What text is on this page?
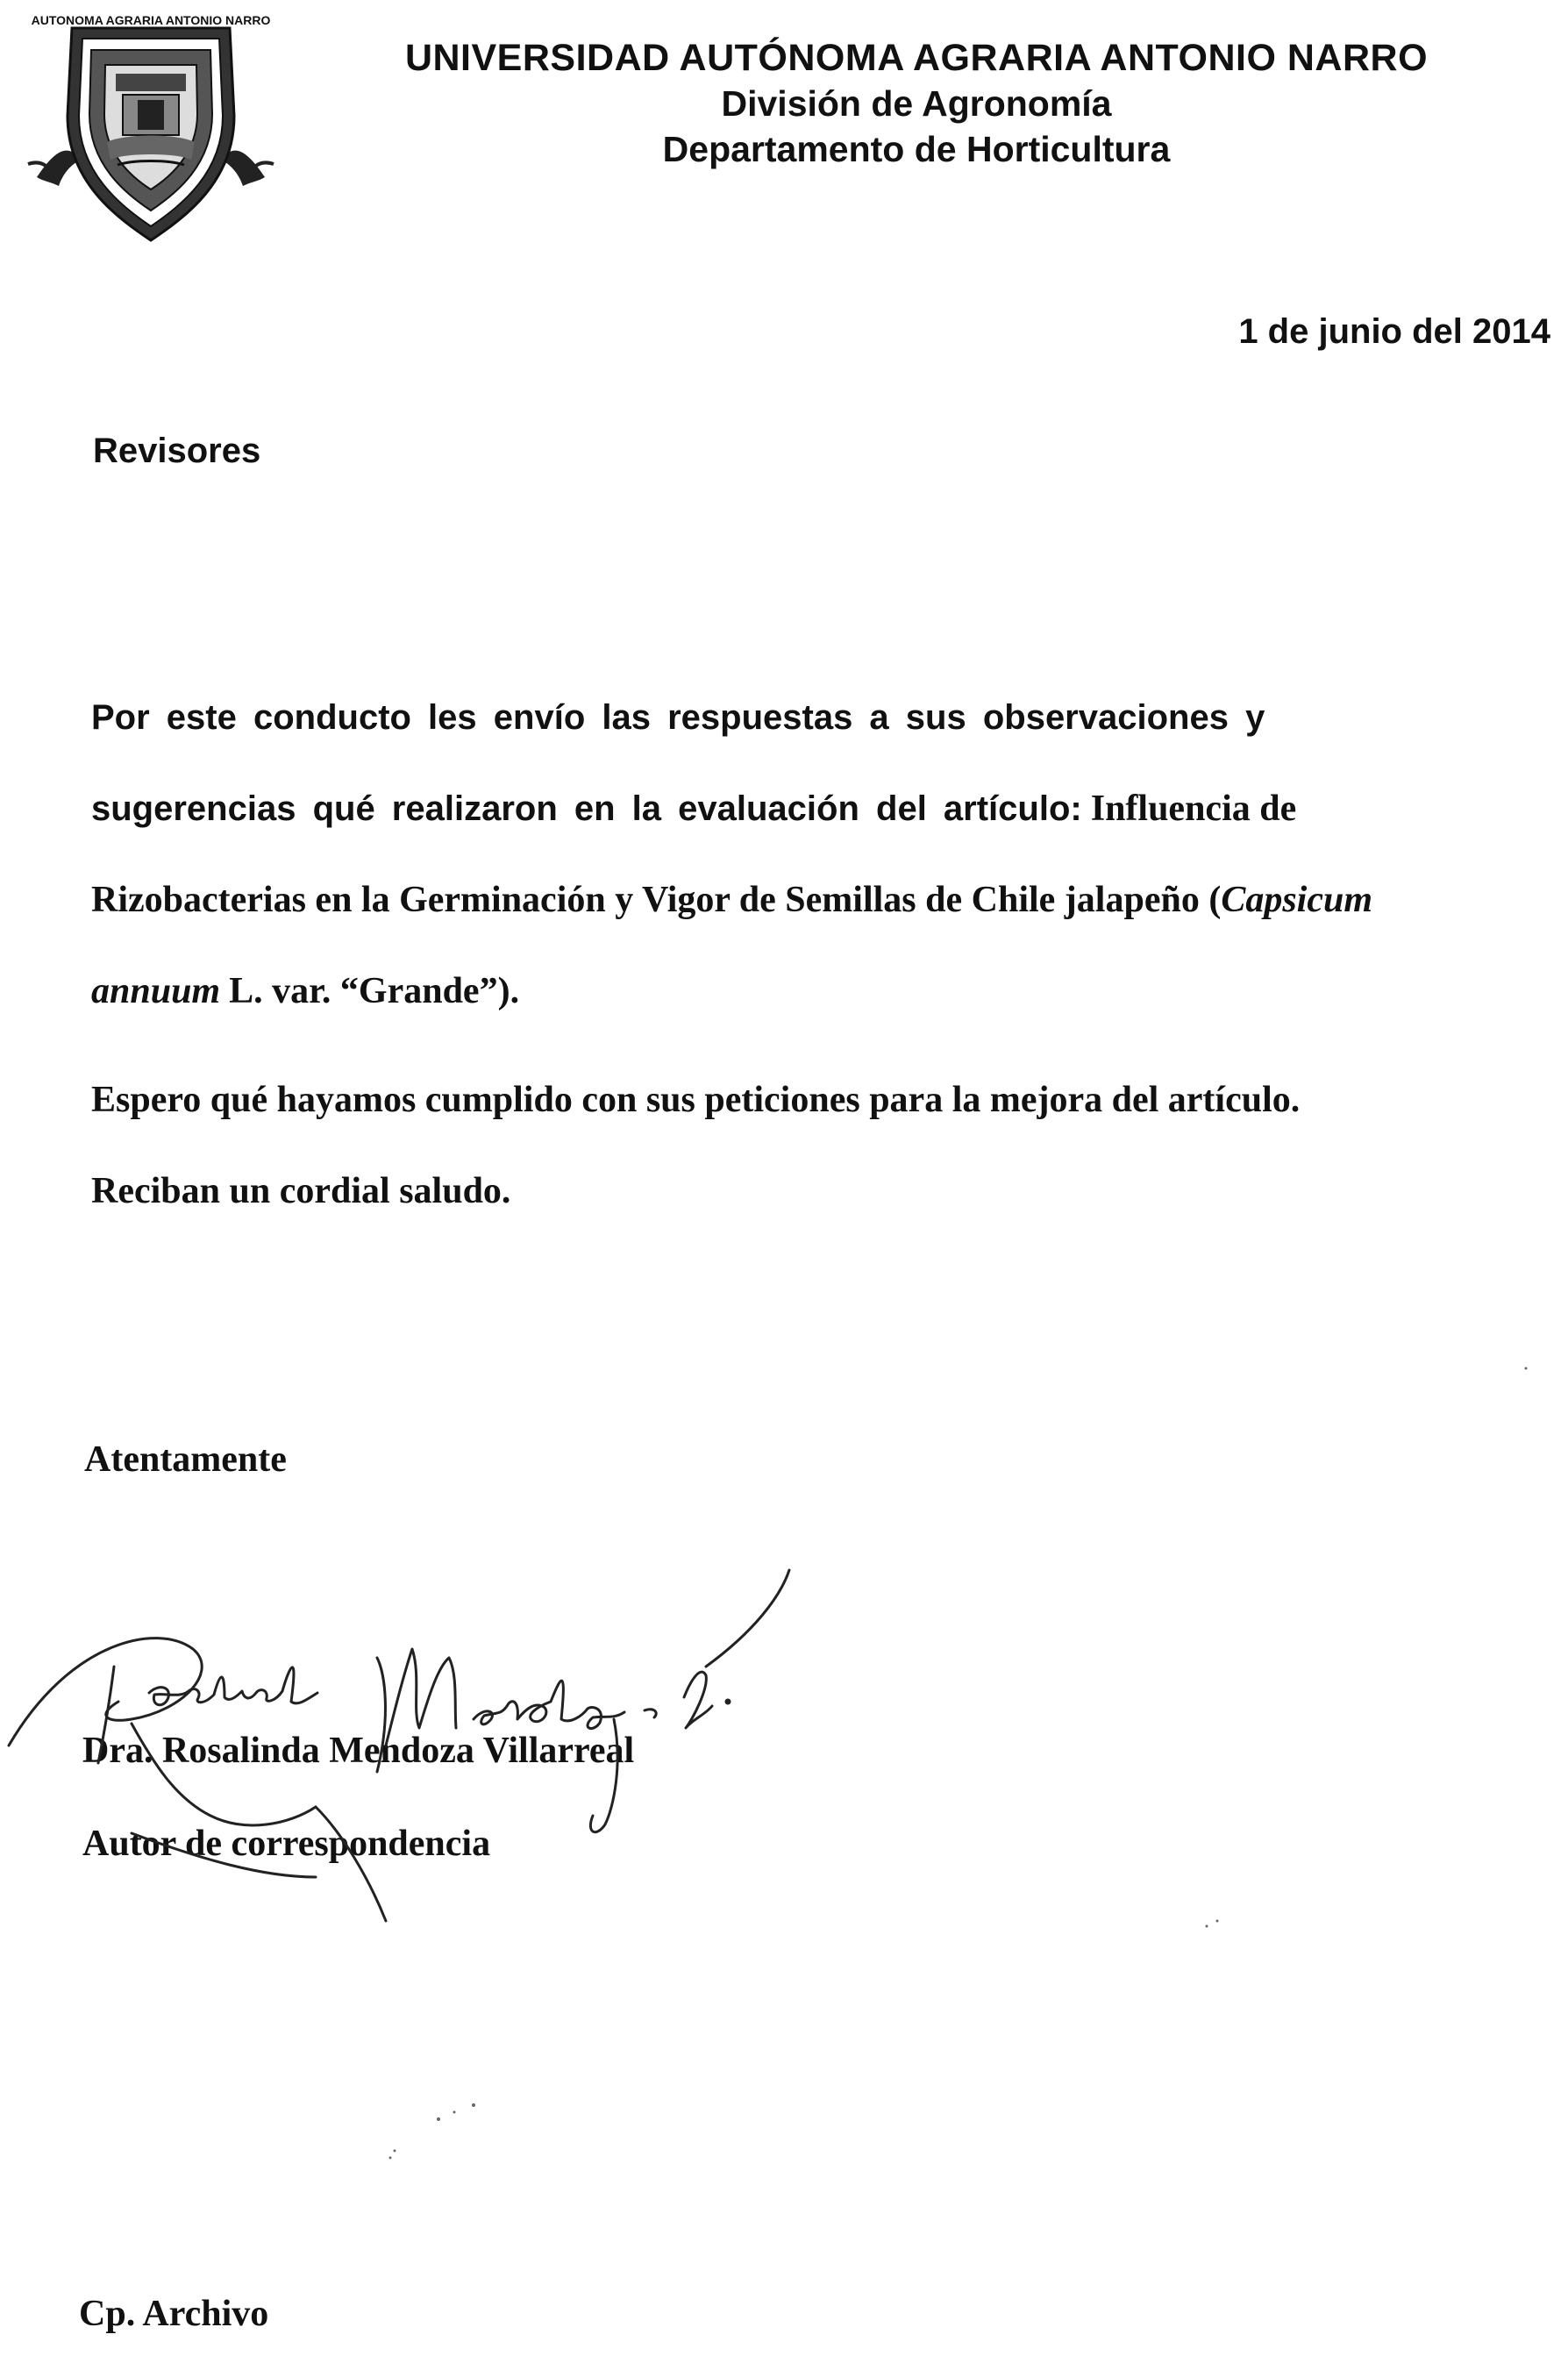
AUTONOMA AGRARIA ANTONIO NARRO
UNIVERSIDAD AUTÓNOMA AGRARIA ANTONIO NARRO
División de Agronomía
Departamento de Horticultura
1 de junio del 2014
Revisores
Por este conducto les envío las respuestas a sus observaciones y
sugerencias qué realizaron en la evaluación del artículo: Influencia de
Rizobacterias en la Germinación y Vigor de Semillas de Chile jalapeño (Capsicum
annuum L. var. “Grande”).
Espero qué hayamos cumplido con sus peticiones para la mejora del artículo.
Reciban un cordial saludo.
Atentamente
Dra. Rosalinda Mendoza Villarreal
Autor de correspondencia
Cp. Archivo
